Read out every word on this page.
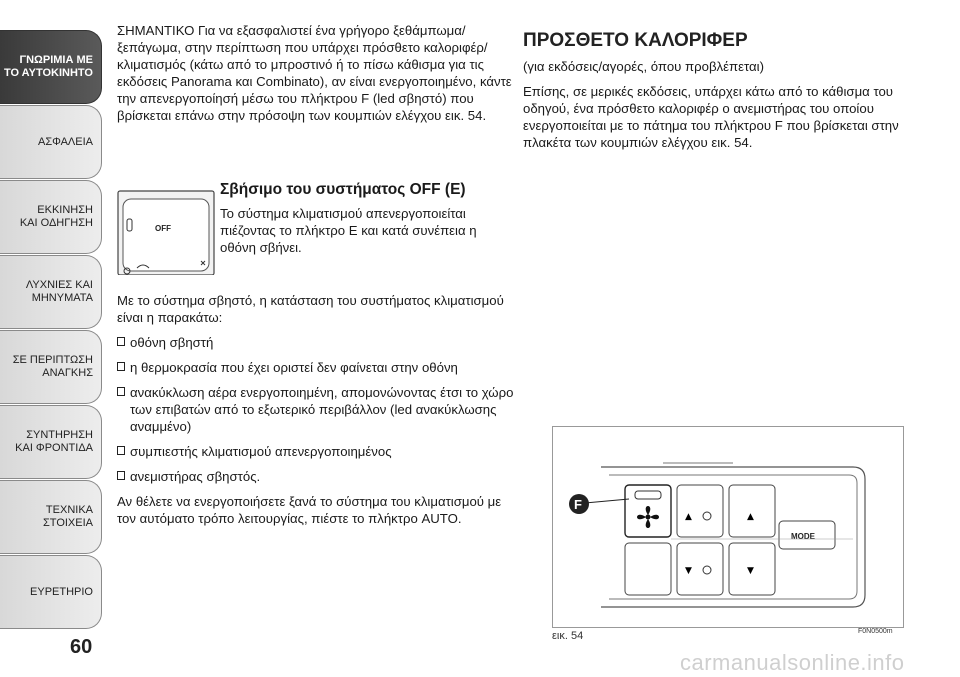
ΓΝΩΡΙΜΙΑ ΜΕ
ΤΟ ΑΥΤΟΚΙΝΗΤΟ
ΑΣΦΑΛΕΙΑ
ΕΚΚΙΝΗΣΗ
ΚΑΙ ΟΔΗΓΗΣΗ
ΛΥΧΝΙΕΣ ΚΑΙ
ΜΗΝΥΜΑΤΑ
ΣΕ ΠΕΡΙΠΤΩΣΗ
ΑΝΑΓΚΗΣ
ΣΥΝΤΗΡΗΣΗ
ΚΑΙ ΦΡΟΝΤΙΔΑ
ΤΕΧΝΙΚΑ
ΣΤΟΙΧΕΙΑ
ΕΥΡΕΤΗΡΙΟ
60

ΣΗΜΑΝΤΙΚΟ Για να εξασφαλιστεί ένα γρήγορο ξεθάμπωμα/ξεπάγωμα, στην περίπτωση που υπάρχει πρόσθετο καλοριφέρ/κλιματισμός (κάτω από το μπροστινό ή το πίσω κάθισμα για τις εκδόσεις Panorama και Combinato), αν είναι ενεργοποιημένο, κάντε την απενεργοποίησή μέσω του πλήκτρου F (led σβηστό) που βρίσκεται επάνω στην πρόσοψη των κουμπιών ελέγχου εικ. 54.

OFF
Σβήσιμο του συστήματος OFF (E)

Το σύστημα κλιματισμού απενεργοποιείται πιέζοντας το πλήκτρο E και κατά συνέπεια η οθόνη σβήνει.

Με το σύστημα σβηστό, η κατάσταση του συστήματος κλιματισμού είναι η παρακάτω:

οθόνη σβηστή
η θερμοκρασία που έχει οριστεί δεν φαίνεται στην οθόνη
ανακύκλωση αέρα ενεργοποιημένη, απομονώνοντας έτσι το χώρο των επιβατών από το εξωτερικό περιβάλλον (led ανακύκλωσης αναμμένο)
συμπιεστής κλιματισμού απενεργοποιημένος
ανεμιστήρας σβηστός.

Αν θέλετε να ενεργοποιήσετε ξανά το σύστημα του κλιματισμού με τον αυτόματο τρόπο λειτουργίας, πιέστε το πλήκτρο AUTO.

ΠΡΟΣΘΕΤΟ ΚΑΛΟΡΙΦΕΡ

(για εκδόσεις/αγορές, όπου προβλέπεται)

Επίσης, σε μερικές εκδόσεις, υπάρχει κάτω από το κάθισμα του οδηγού, ένα πρόσθετο καλοριφέρ ο ανεμιστήρας του οποίου ενεργοποιείται με το πάτημα του πλήκτρου F που βρίσκεται στην πλακέτα των κουμπιών ελέγχου εικ. 54.

▲	▲
▼	▼
MODE
F
εικ. 54	F0N0500m
carmanualsonline.info
